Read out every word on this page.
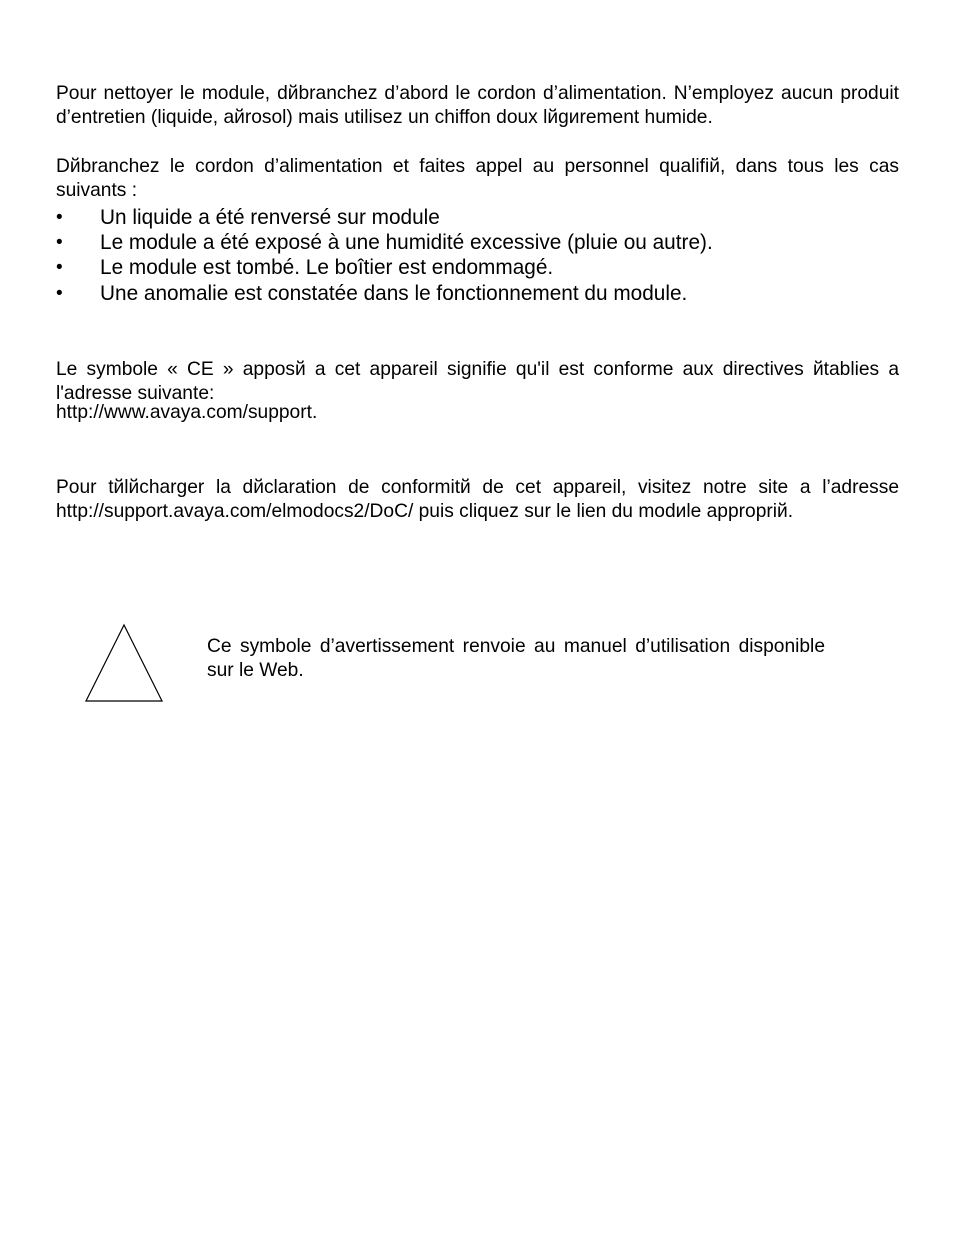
Pour nettoyer le module, dйbranchez d’abord le cordon d’alimentation. N’employez aucun produit d’entretien (liquide, aйrosol) mais utilisez un chiffon doux lйgиrement humide.

Dйbranchez le cordon d’alimentation et faites appel au personnel qualifiй, dans tous les cas suivants :

•	Un liquide a été renversé sur module
•	Le module a été exposé à une humidité excessive (pluie ou autre).
•	Le module est tombé. Le boîtier est endommagé.
•	Une anomalie est constatée dans le fonctionnement du module.

Le symbole « CE » apposй a cet appareil signifie qu'il est conforme aux directives йtablies a l'adresse suivante:

http://www.avaya.com/support.

Pour tйlйcharger la dйclaration de conformitй de cet appareil, visitez notre site a l’adresse http://support.avaya.com/elmodocs2/DoC/ puis cliquez sur le lien du modиle appropriй.

Ce symbole d’avertissement renvoie au manuel d’utilisation disponible sur le Web.
